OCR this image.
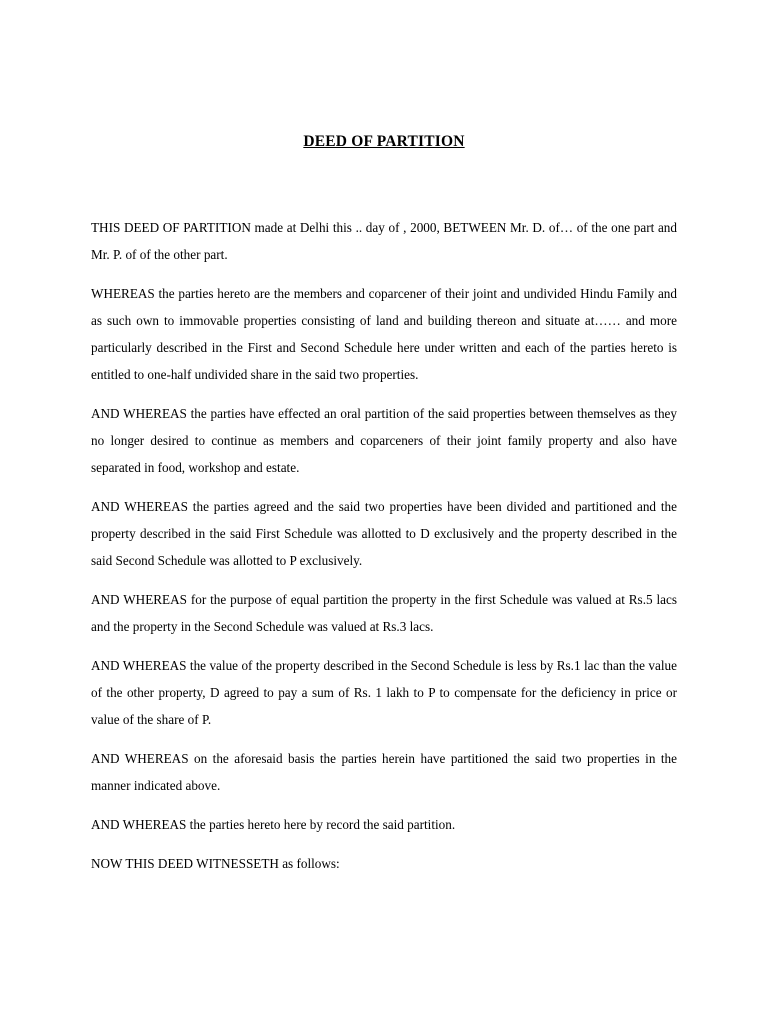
DEED OF PARTITION

THIS DEED OF PARTITION made at Delhi this .. day of , 2000, BETWEEN Mr. D. of… of the one part and Mr. P. of of the other part.

WHEREAS the parties hereto are the members and coparcener of their joint and undivided Hindu Family and as such own to immovable properties consisting of land and building thereon and situate at…… and more particularly described in the First and Second Schedule here under written and each of the parties hereto is entitled to one-half undivided share in the said two properties.

AND WHEREAS the parties have effected an oral partition of the said properties between themselves as they no longer desired to continue as members and coparceners of their joint family property and also have separated in food, workshop and estate.

AND WHEREAS the parties agreed and the said two properties have been divided and partitioned and the property described in the said First Schedule was allotted to D exclusively and the property described in the said Second Schedule was allotted to P exclusively.

AND WHEREAS for the purpose of equal partition the property in the first Schedule was valued at Rs.5 lacs and the property in the Second Schedule was valued at Rs.3 lacs.

AND WHEREAS the value of the property described in the Second Schedule is less by Rs.1 lac than the value of the other property, D agreed to pay a sum of Rs. 1 lakh to P to compensate for the deficiency in price or value of the share of P.

AND WHEREAS on the aforesaid basis the parties herein have partitioned the said two properties in the manner indicated above.

AND WHEREAS the parties hereto here by record the said partition.

NOW THIS DEED WITNESSETH as follows:
